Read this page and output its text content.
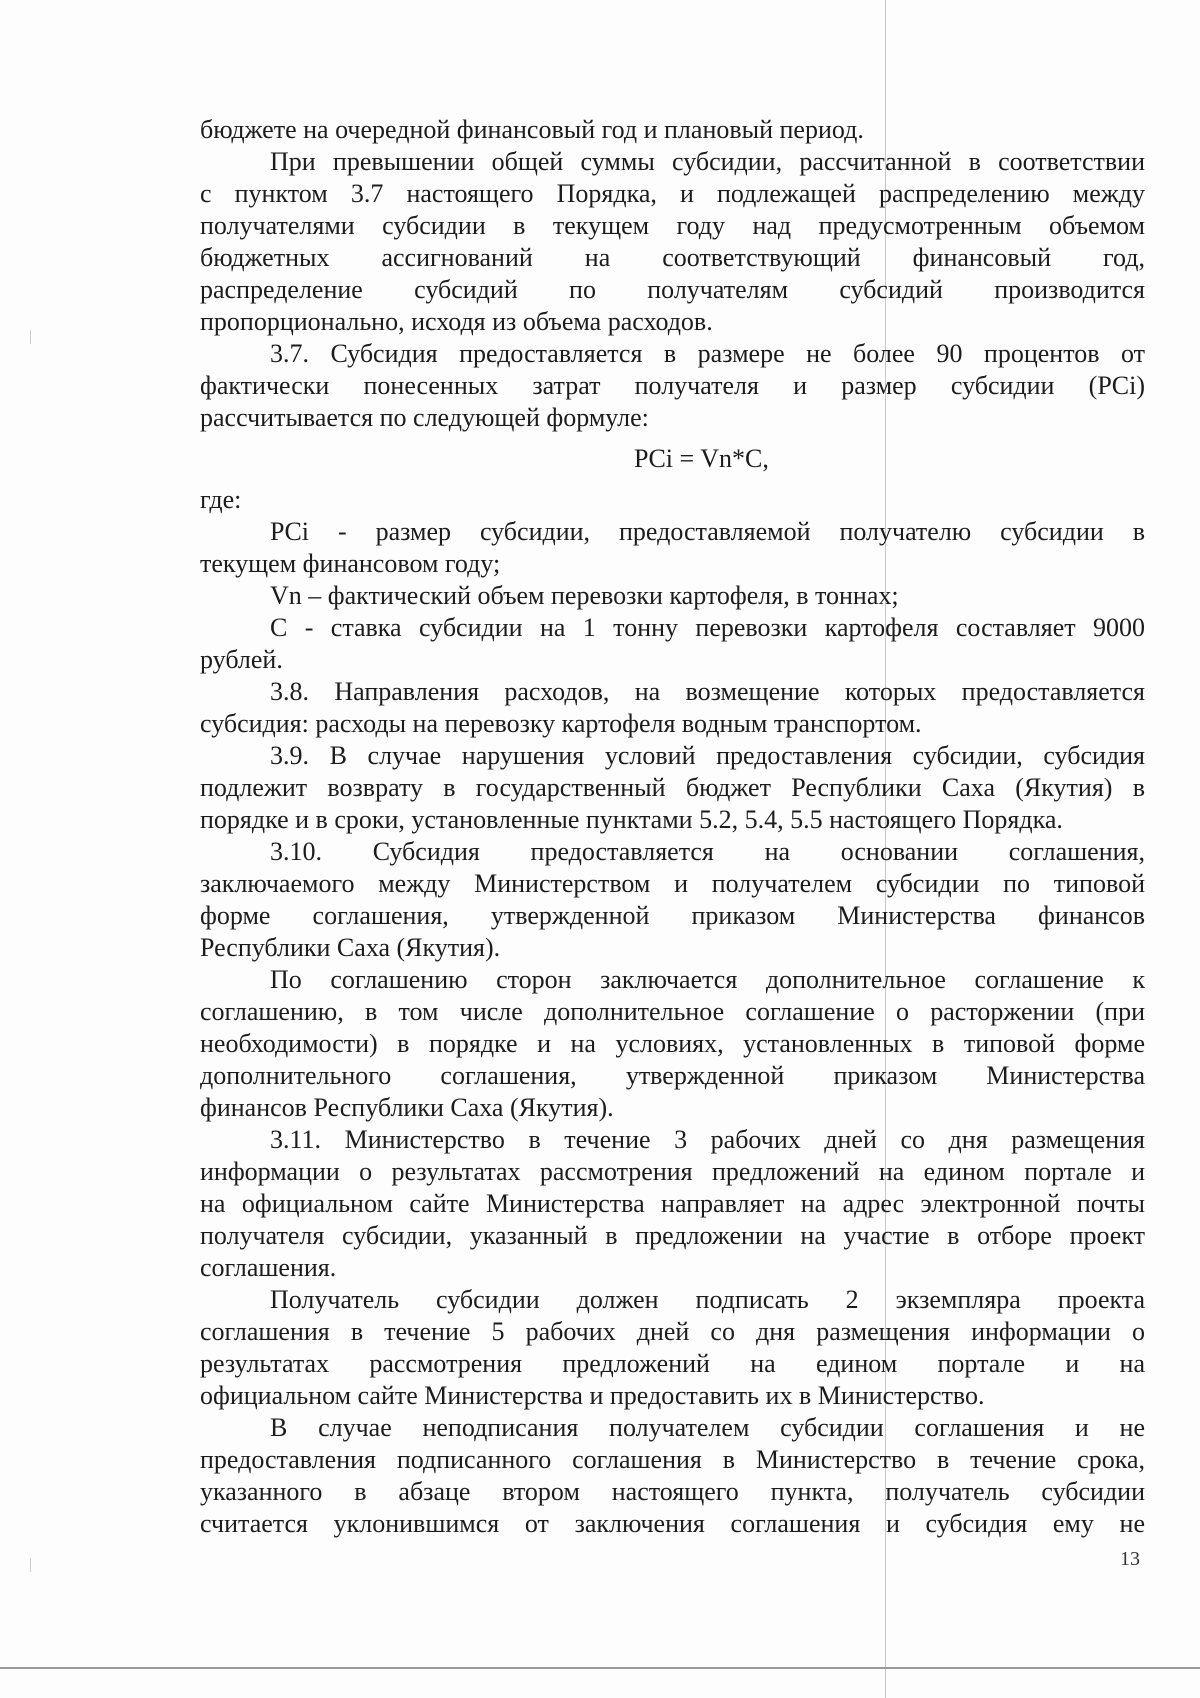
бюджете на очередной финансовый год и плановый период.
При превышении общей суммы субсидии, рассчитанной в соответствии
с пунктом 3.7 настоящего Порядка, и подлежащей распределению между
получателями субсидии в текущем году над предусмотренным объемом
бюджетных ассигнований на соответствующий финансовый год,
распределение субсидий по получателям субсидий производится
пропорционально, исходя из объема расходов.
3.7. Субсидия предоставляется в размере не более 90 процентов от
фактически понесенных затрат получателя и размер субсидии (PCi)
рассчитывается по следующей формуле:
PCi = Vn*C,
где:
PCi - размер субсидии, предоставляемой получателю субсидии в
текущем финансовом году;
Vn – фактический объем перевозки картофеля, в тоннах;
С - ставка субсидии на 1 тонну перевозки картофеля составляет 9000
рублей.
3.8. Направления расходов, на возмещение которых предоставляется
субсидия: расходы на перевозку картофеля водным транспортом.
3.9. В случае нарушения условий предоставления субсидии, субсидия
подлежит возврату в государственный бюджет Республики Саха (Якутия) в
порядке и в сроки, установленные пунктами 5.2, 5.4, 5.5 настоящего Порядка.
3.10. Субсидия предоставляется на основании соглашения,
заключаемого между Министерством и получателем субсидии по типовой
форме соглашения, утвержденной приказом Министерства финансов
Республики Саха (Якутия).
По соглашению сторон заключается дополнительное соглашение к
соглашению, в том числе дополнительное соглашение о расторжении (при
необходимости) в порядке и на условиях, установленных в типовой форме
дополнительного соглашения, утвержденной приказом Министерства
финансов Республики Саха (Якутия).
3.11. Министерство в течение 3 рабочих дней со дня размещения
информации о результатах рассмотрения предложений на едином портале и
на официальном сайте Министерства направляет на адрес электронной почты
получателя субсидии, указанный в предложении на участие в отборе проект
соглашения.
Получатель субсидии должен подписать 2 экземпляра проекта
соглашения в течение 5 рабочих дней со дня размещения информации о
результатах рассмотрения предложений на едином портале и на
официальном сайте Министерства и предоставить их в Министерство.
В случае неподписания получателем субсидии соглашения и не
предоставления подписанного соглашения в Министерство в течение срока,
указанного в абзаце втором настоящего пункта, получатель субсидии
считается уклонившимся от заключения соглашения и субсидия ему не
13
